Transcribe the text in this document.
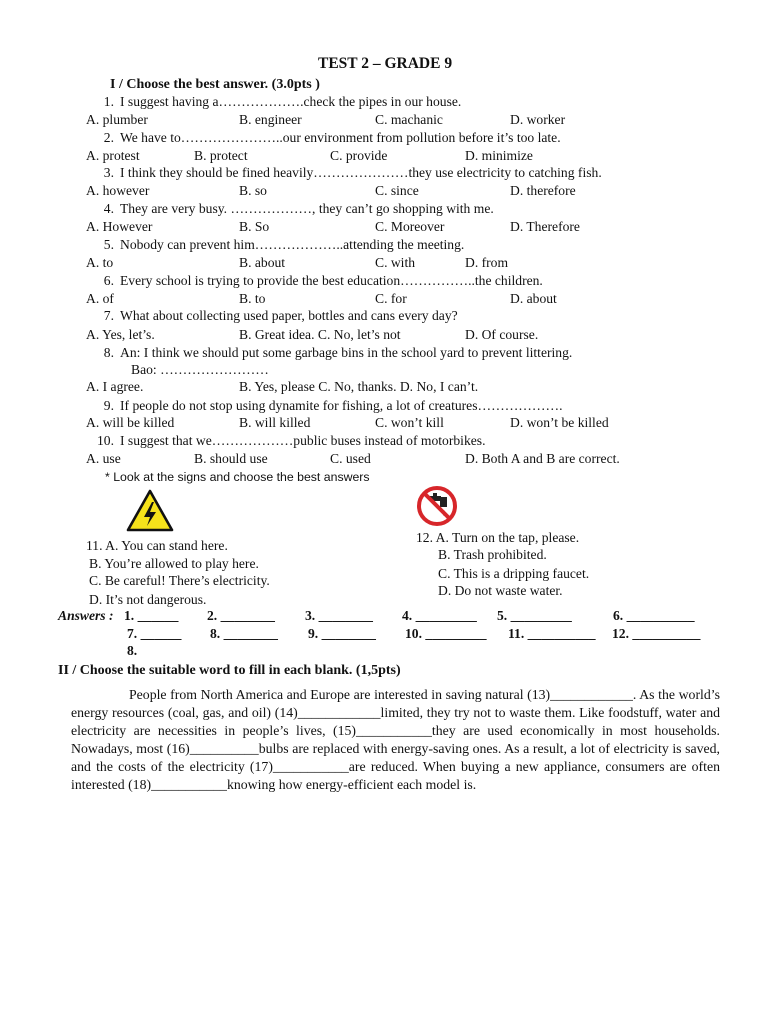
TEST 2 – GRADE 9
I / Choose the best answer. (3.0pts )
1. I suggest having a……………….check the pipes in our house.
A. plumber	B. engineer	C. machanic	D. worker
2. We have to…………………..our environment from pollution before it’s too late.
A. protest	B. protect	C. provide	D. minimize
3. I think they should be fined heavily…………………they use electricity to catching fish.
A. however	B. so	C. since	D. therefore
4. They are very busy. ………………, they can’t go shopping with me.
A. However	B. So	C. Moreover	D. Therefore
5. Nobody can prevent him………………..attending the meeting.
A. to	B. about	C. with	D. from
6. Every school is trying to provide the best education……………..the children.
A. of	B. to	C. for	D. about
7. What about collecting used paper, bottles and cans every day?
A. Yes, let’s.	B. Great idea. C. No, let’s not	D. Of course.
8. An: I think we should put some garbage bins in the school yard to prevent littering.
Bao: ……………………
A. I agree.	B. Yes, please C. No, thanks. D. No, I can’t.
9. If people do not stop using dynamite for fishing, a lot of creatures……………….
A. will be killed	B. will killed	C. won’t kill	D. won’t be killed
10. I suggest that we………………public buses instead of motorbikes.
A. use	B. should use	C. used	D. Both A and B are correct.
* Look at the signs and choose the best answers
11. A. You can stand here.
B. You’re allowed to play here.
C. Be careful! There’s electricity.
D. It’s not dangerous.
12. A. Turn on the tap, please.
B. Trash prohibited.
C. This is a dripping faucet.
D. Do not waste water.
Answers : 1. ______ 2. ________ 3. ________ 4. _________ 5. _________	6. __________
7. ______ 8. ________ 9. ________ 10. _________ 11. __________ 12. __________
8.
II / Choose the suitable word to fill in each blank. (1,5pts)

People from North America and Europe are interested in saving natural (13)____________. As the world’s energy resources (coal, gas, and oil) (14)____________limited, they try not to waste them. Like foodstuff, water and electricity are necessities in people’s lives, (15)___________they are used economically in most households. Nowadays, most (16)__________bulbs are replaced with energy-saving ones. As a result, a lot of electricity is saved, and the costs of the electricity (17)___________are reduced. When buying a new appliance, consumers are often interested (18)___________knowing how energy-efficient each model is.
